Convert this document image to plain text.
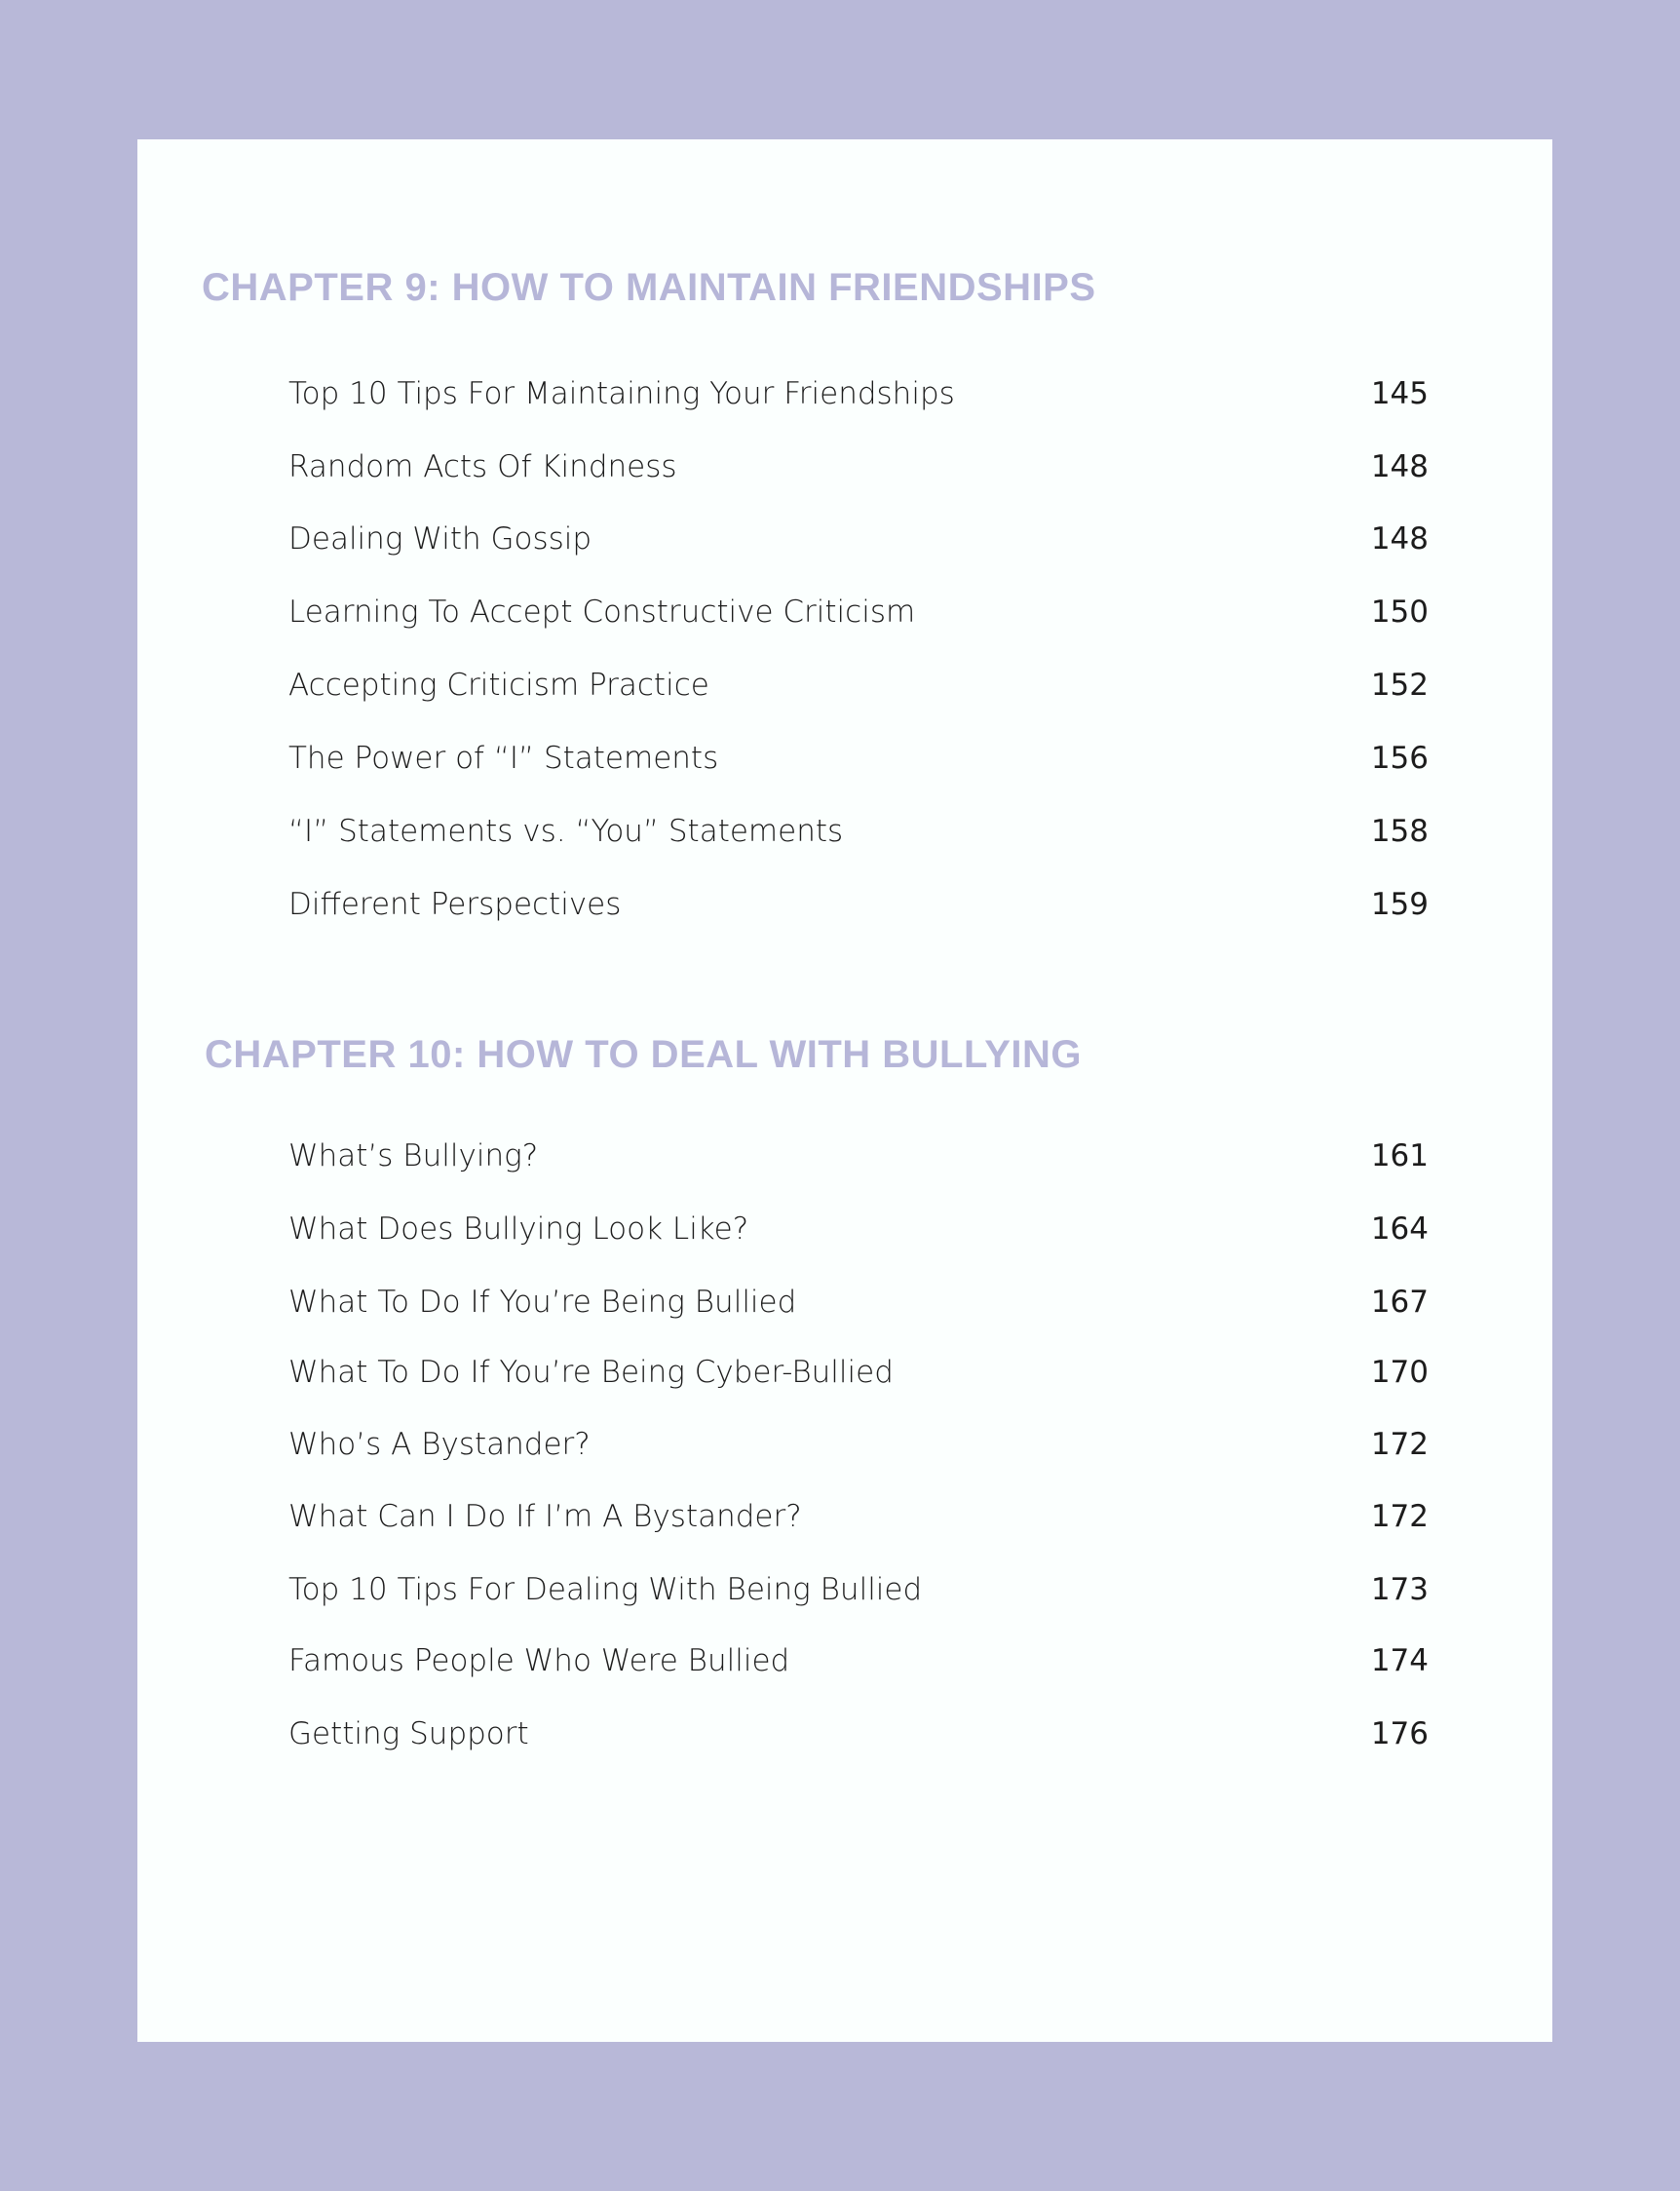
CHAPTER 9: HOW TO MAINTAIN FRIENDSHIPS
Top 10 Tips For Maintaining Your Friendships	145
Random Acts Of Kindness	148
Dealing With Gossip	148
Learning To Accept Constructive Criticism	150
Accepting Criticism Practice	152
The Power of “I” Statements	156
“I” Statements vs. “You” Statements	158
Different Perspectives	159
CHAPTER 10: HOW TO DEAL WITH BULLYING
What’s Bullying?	161
What Does Bullying Look Like?	164
What To Do If You’re Being Bullied	167
What To Do If You’re Being Cyber-Bullied	170
Who’s A Bystander?	172
What Can I Do If I’m A Bystander?	172
Top 10 Tips For Dealing With Being Bullied	173
Famous People Who Were Bullied	174
Getting Support	176
